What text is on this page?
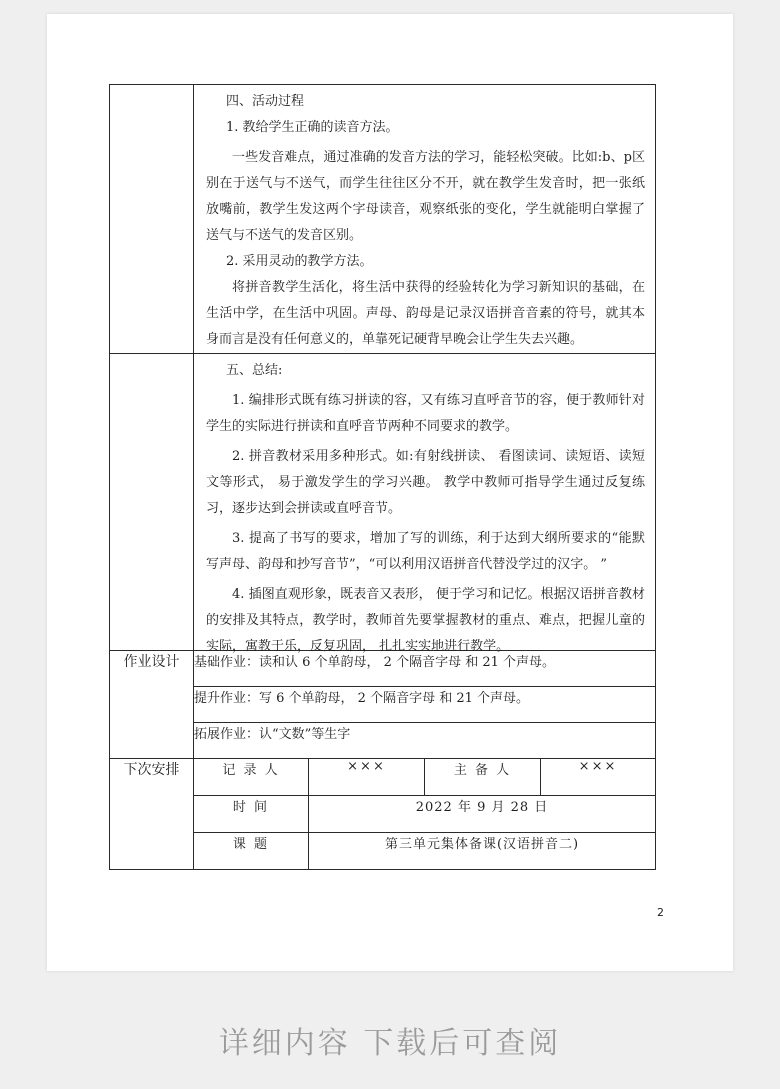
	四、活动过程

1. 教给学生正确的读音方法。

一些发音难点，通过准确的发音方法的学习，能轻松突破。比如:b、p区别在于送气与不送气，而学生往往区分不开，就在教学生发音时，把一张纸放嘴前，教学生发这两个字母读音，观察纸张的变化，学生就能明白掌握了送气与不送气的发音区别。

2. 采用灵动的教学方法。

将拼音教学生活化，将生活中获得的经验转化为学习新知识的基础，在生活中学，在生活中巩固。声母、韵母是记录汉语拼音音素的符号，就其本身而言是没有任何意义的，单靠死记硬背早晚会让学生失去兴趣。			

	五、总结:

1. 编排形式既有练习拼读的容，又有练习直呼音节的容，便于教师针对学生的实际进行拼读和直呼音节两种不同要求的教学。

2. 拼音教材采用多种形式。如:有射线拼读、 看图读词、读短语、读短文等形式， 易于激发学生的学习兴趣。 教学中教师可指导学生通过反复练习，逐步达到会拼读或直呼音节。

3. 提高了书写的要求，增加了写的训练，利于达到大纲所要求的“能默写声母、韵母和抄写音节”，“可以利用汉语拼音代替没学过的汉字。 ”

4. 插图直观形象，既表音又表形， 便于学习和记忆。根据汉语拼音教材的安排及其特点，教学时，教师首先要掌握教材的重点、难点，把握儿童的实际，寓教于乐，反复巩固， 扎扎实实地进行教学。			

作业设计	基础作业：读和认 6 个单韵母， 2 个隔音字母 和 21 个声母。			
	提升作业：写 6 个单韵母， 2 个隔音字母 和 21 个声母。			
	拓展作业：认“文数”等生字			
下次安排	记 录 人	×××	主 备 人	×××
	时 间	2022 年 9 月 28 日		
	课 题	第三单元集体备课(汉语拼音二)		
2
详细内容 下载后可查阅
